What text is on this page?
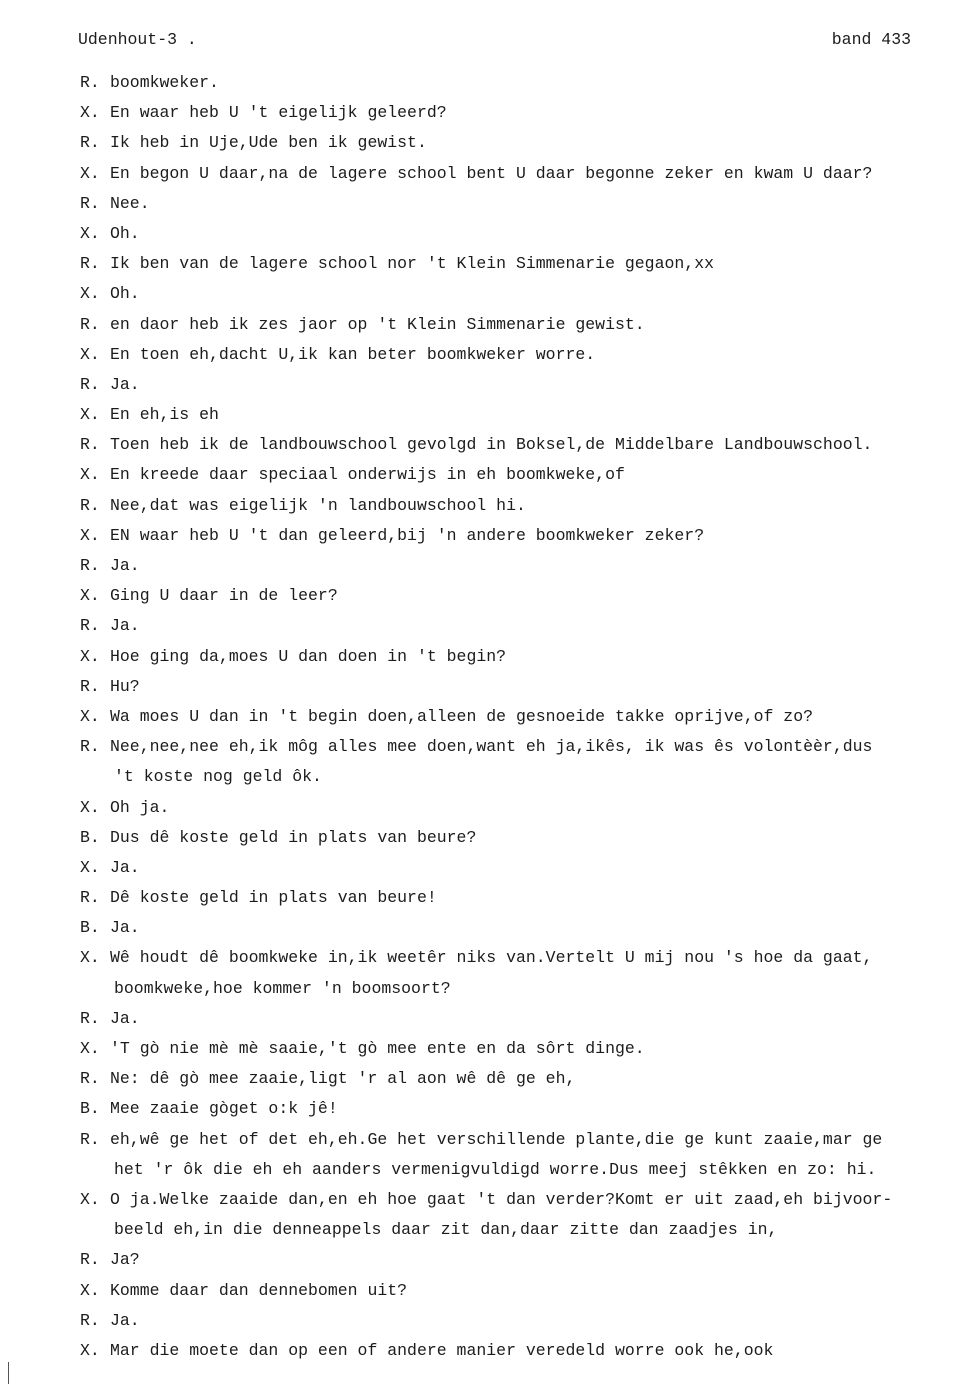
Udenhout-3 .	band 433
R. boomkweker.
X. En waar heb U 't eigelijk geleerd?
R. Ik heb in Uje,Ude ben ik gewist.
X. En begon U daar,na de lagere school bent U daar begonne zeker en kwam U daar?
R. Nee.
X. Oh.
R. Ik ben van de lagere school nor 't Klein Simmenarie gegaon,xx
X. Oh.
R. en daor heb ik zes jaor op 't Klein Simmenarie gewist.
X. En toen eh,dacht U,ik kan beter boomkweker worre.
R. Ja.
X. En eh,is eh
R. Toen heb ik de landbouwschool gevolgd in Boksel,de Middelbare Landbouwschool.
X. En kreede daar speciaal onderwijs in eh boomkweke,of
R. Nee,dat was eigelijk 'n landbouwschool hi.
X. EN waar heb U 't dan geleerd,bij 'n andere boomkweker zeker?
R. Ja.
X. Ging U daar in de leer?
R. Ja.
X. Hoe ging da,moes U dan doen in 't begin?
R. Hu?
X. Wa moes U dan in 't begin doen,alleen de gesnoeide takke oprijve,of zo?
R. Nee,nee,nee eh,ik môg alles mee doen,want eh ja,ikês, ik was ês volontèèr,dus
't koste nog geld ôk.
X. Oh ja.
B. Dus dê koste geld in plats van beure?
X. Ja.
R. Dê koste geld in plats van beure!
B. Ja.
X. Wê houdt dê boomkweke in,ik weetêr niks van.Vertelt U mij nou 's hoe da gaat,
boomkweke,hoe kommer 'n boomsoort?
R. Ja.
X. 'T gò nie mè mè saaie,'t gò mee ente en da sôrt dinge.
R. Ne: dê gò mee zaaie,ligt 'r al aon wê dê ge eh,
B. Mee zaaie gòget o:k jê!
R. eh,wê ge het of det eh,eh.Ge het verschillende plante,die ge kunt zaaie,mar ge
het 'r ôk die eh eh aanders vermenigvuldigd worre.Dus meej stêkken en zo: hi.
X. O ja.Welke zaaide dan,en eh hoe gaat 't dan verder?Komt er uit zaad,eh bijvoor-
beeld eh,in die denneappels daar zit dan,daar zitte dan zaadjes in,
R. Ja?
X. Komme daar dan dennebomen uit?
R. Ja.
X. Mar die moete dan op een of andere manier veredeld worre ook he,ook
